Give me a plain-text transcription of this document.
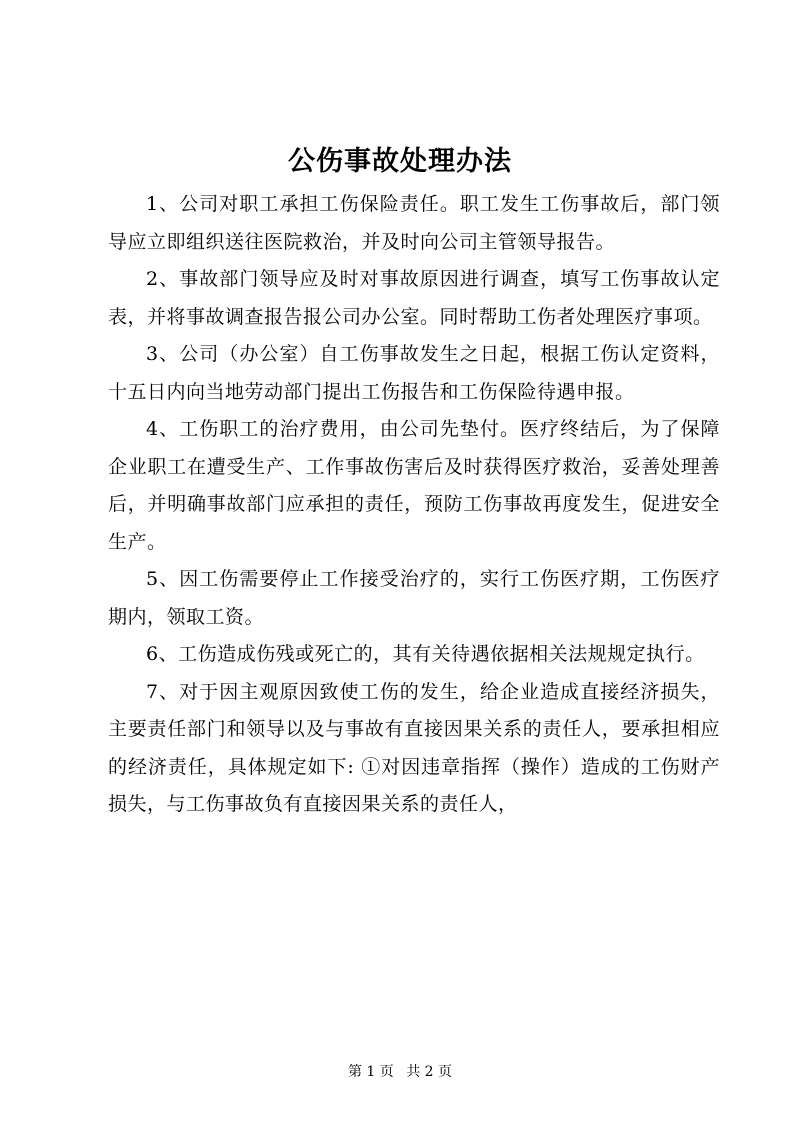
公伤事故处理办法

1、公司对职工承担工伤保险责任。职工发生工伤事故后，部门领导应立即组织送往医院救治，并及时向公司主管领导报告。

2、事故部门领导应及时对事故原因进行调查，填写工伤事故认定表，并将事故调查报告报公司办公室。同时帮助工伤者处理医疗事项。

3、公司（办公室）自工伤事故发生之日起，根据工伤认定资料，十五日内向当地劳动部门提出工伤报告和工伤保险待遇申报。

4、工伤职工的治疗费用，由公司先垫付。医疗终结后，为了保障企业职工在遭受生产、工作事故伤害后及时获得医疗救治，妥善处理善后，并明确事故部门应承担的责任，预防工伤事故再度发生，促进安全生产。

5、因工伤需要停止工作接受治疗的，实行工伤医疗期，工伤医疗期内，领取工资。

6、工伤造成伤残或死亡的，其有关待遇依据相关法规规定执行。

7、对于因主观原因致使工伤的发生，给企业造成直接经济损失，主要责任部门和领导以及与事故有直接因果关系的责任人，要承担相应的经济责任，具体规定如下: ①对因违章指挥（操作）造成的工伤财产损失，与工伤事故负有直接因果关系的责任人，

第 1 页 共 2 页
